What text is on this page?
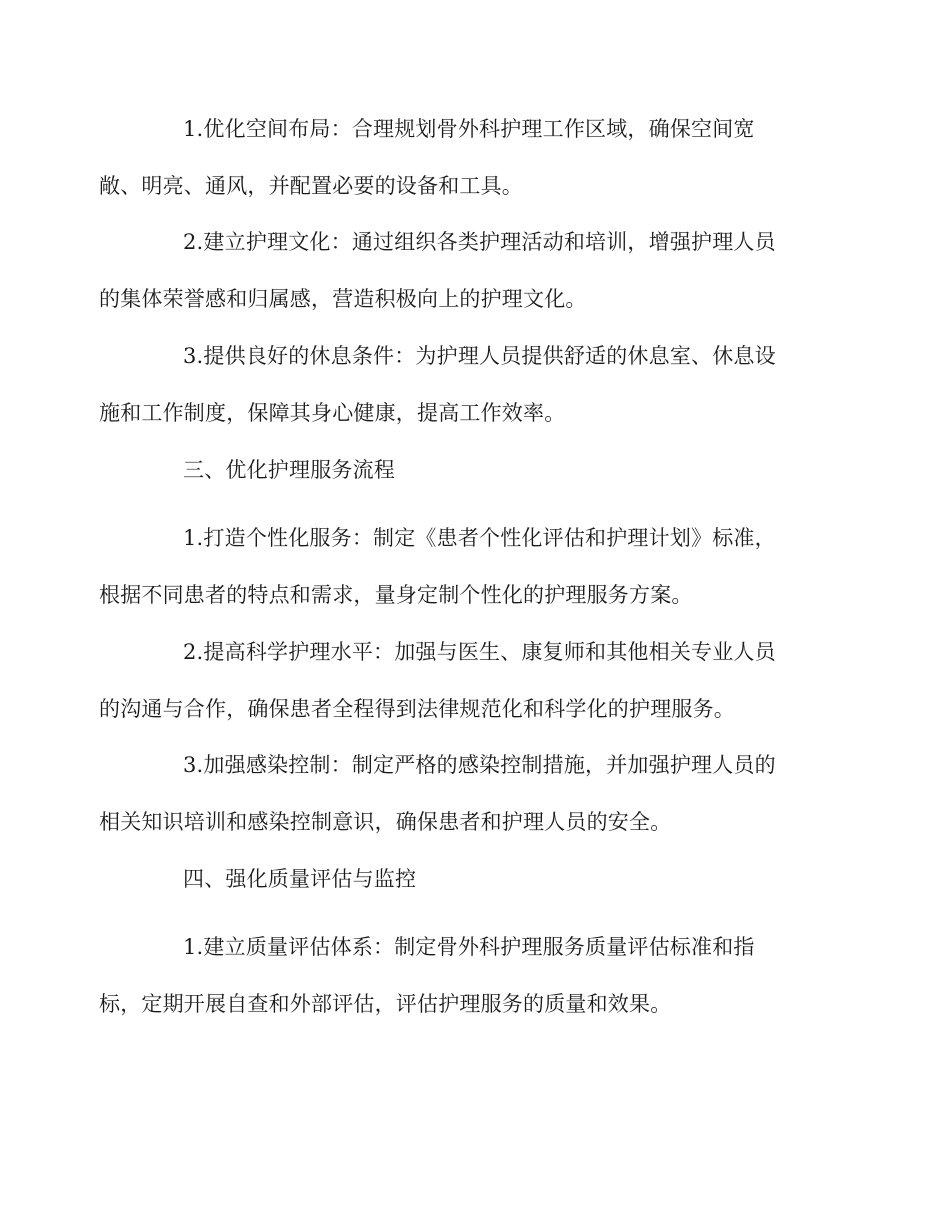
1.优化空间布局：合理规划骨外科护理工作区域，确保空间宽
敞、明亮、通风，并配置必要的设备和工具。

2.建立护理文化：通过组织各类护理活动和培训，增强护理人员
的集体荣誉感和归属感，营造积极向上的护理文化。

3.提供良好的休息条件：为护理人员提供舒适的休息室、休息设
施和工作制度，保障其身心健康，提高工作效率。

三、优化护理服务流程

1.打造个性化服务：制定《患者个性化评估和护理计划》标准，
根据不同患者的特点和需求，量身定制个性化的护理服务方案。

2.提高科学护理水平：加强与医生、康复师和其他相关专业人员
的沟通与合作，确保患者全程得到法律规范化和科学化的护理服务。

3.加强感染控制：制定严格的感染控制措施，并加强护理人员的
相关知识培训和感染控制意识，确保患者和护理人员的安全。

四、强化质量评估与监控

1.建立质量评估体系：制定骨外科护理服务质量评估标准和指
标，定期开展自查和外部评估，评估护理服务的质量和效果。
